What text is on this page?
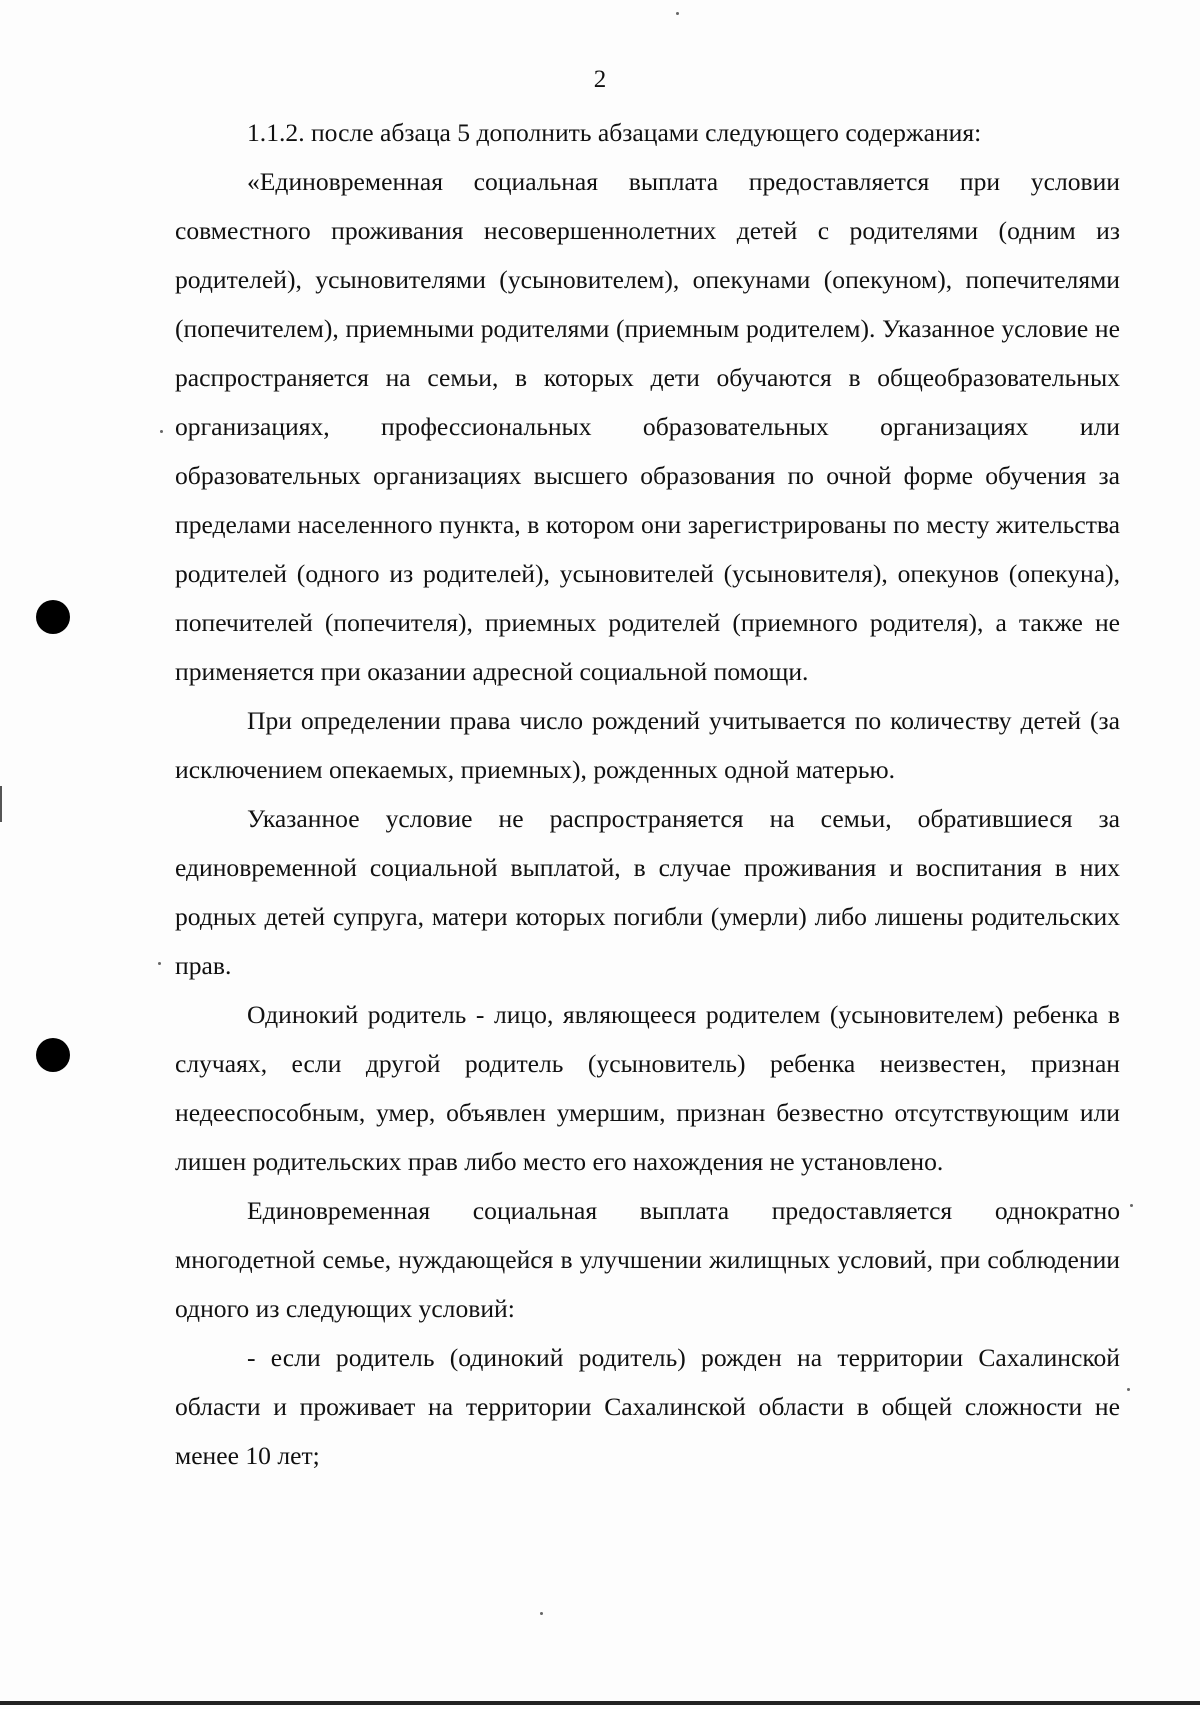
2

1.1.2. после абзаца 5 дополнить абзацами следующего содержания:

«Единовременная социальная выплата предоставляется при условии совместного проживания несовершеннолетних детей с родителями (одним из родителей), усыновителями (усыновителем), опекунами (опекуном), попечителями (попечителем), приемными родителями (приемным родителем). Указанное условие не распространяется на семьи, в которых дети обучаются в общеобразовательных организациях, профессиональных образовательных организациях или образовательных организациях высшего образования по очной форме обучения за пределами населенного пункта, в котором они зарегистрированы по месту жительства родителей (одного из родителей), усыновителей (усыновителя), опекунов (опекуна), попечителей (попечителя), приемных родителей (приемного родителя), а также не применяется при оказании адресной социальной помощи.

При определении права число рождений учитывается по количеству детей (за исключением опекаемых, приемных), рожденных одной матерью.

Указанное условие не распространяется на семьи, обратившиеся за единовременной социальной выплатой, в случае проживания и воспитания в них родных детей супруга, матери которых погибли (умерли) либо лишены родительских прав.

Одинокий родитель - лицо, являющееся родителем (усыновителем) ребенка в случаях, если другой родитель (усыновитель) ребенка неизвестен, признан недееспособным, умер, объявлен умершим, признан безвестно отсутствующим или лишен родительских прав либо место его нахождения не установлено.

Единовременная социальная выплата предоставляется однократно многодетной семье, нуждающейся в улучшении жилищных условий, при соблюдении одного из следующих условий:

- если родитель (одинокий родитель) рожден на территории Сахалинской области и проживает на территории Сахалинской области в общей сложности не менее 10 лет;
